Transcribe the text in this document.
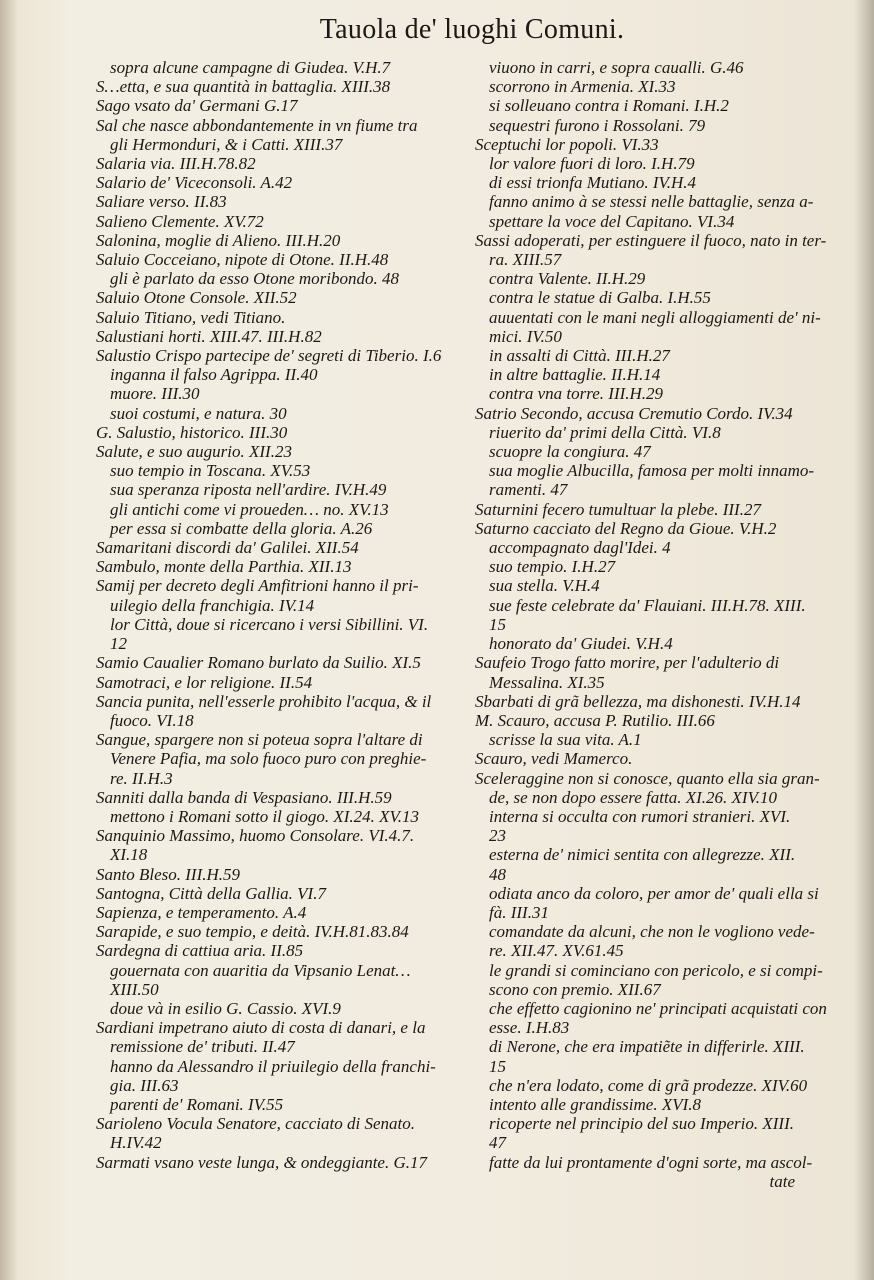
Tauola de' luoghi Comuni.

sopra alcune campagne di Giudea. V.H.7

S…etta, e sua quantità in battaglia. XIII.38

Sago vsato da' Germani G.17

Sal che nasce abbondantemente in vn fiume tra

gli Hermonduri, & i Catti. XIII.37

Salaria via. III.H.78.82

Salario de' Viceconsoli. A.42

Saliare verso. II.83

Salieno Clemente. XV.72

Salonina, moglie di Alieno. III.H.20

Saluio Cocceiano, nipote di Otone. II.H.48

gli è parlato da esso Otone moribondo. 48

Saluio Otone Console. XII.52

Saluio Titiano, vedi Titiano.

Salustiani horti. XIII.47. III.H.82

Salustio Crispo partecipe de' segreti di Tiberio. I.6

inganna il falso Agrippa. II.40

muore. III.30

suoi costumi, e natura. 30

G. Salustio, historico. III.30

Salute, e suo augurio. XII.23

suo tempio in Toscana. XV.53

sua speranza riposta nell'ardire. IV.H.49

gli antichi come vi proueden… no. XV.13

per essa si combatte della gloria. A.26

Samaritani discordi da' Galilei. XII.54

Sambulo, monte della Parthia. XII.13

Samij per decreto degli Amfitrioni hanno il pri-

uilegio della franchigia. IV.14

lor Città, doue si ricercano i versi Sibillini. VI.

12

Samio Caualier Romano burlato da Suilio. XI.5

Samotraci, e lor religione. II.54

Sancia punita, nell'esserle prohibito l'acqua, & il

fuoco. VI.18

Sangue, spargere non si poteua sopra l'altare di

Venere Pafia, ma solo fuoco puro con preghie-

re. II.H.3

Sanniti dalla banda di Vespasiano. III.H.59

mettono i Romani sotto il giogo. XI.24. XV.13

Sanquinio Massimo, huomo Consolare. VI.4.7.

XI.18

Santo Bleso. III.H.59

Santogna, Città della Gallia. VI.7

Sapienza, e temperamento. A.4

Sarapide, e suo tempio, e deità. IV.H.81.83.84

Sardegna di cattiua aria. II.85

gouernata con auaritia da Vipsanio Lenat…

XIII.50

doue và in esilio G. Cassio. XVI.9

Sardiani impetrano aiuto di costa di danari, e la

remissione de' tributi. II.47

hanno da Alessandro il priuilegio della franchi-

gia. III.63

parenti de' Romani. IV.55

Sarioleno Vocula Senatore, cacciato di Senato.

H.IV.42

Sarmati vsano veste lunga, & ondeggiante. G.17

viuono in carri, e sopra caualli. G.46

scorrono in Armenia. XI.33

si solleuano contra i Romani. I.H.2

sequestri furono i Rossolani. 79

Sceptuchi lor popoli. VI.33

lor valore fuori di loro. I.H.79

di essi trionfa Mutiano. IV.H.4

fanno animo à se stessi nelle battaglie, senza a-

spettare la voce del Capitano. VI.34

Sassi adoperati, per estinguere il fuoco, nato in ter-

ra. XIII.57

contra Valente. II.H.29

contra le statue di Galba. I.H.55

auuentati con le mani negli alloggiamenti de' ni-

mici. IV.50

in assalti di Città. III.H.27

in altre battaglie. II.H.14

contra vna torre. III.H.29

Satrio Secondo, accusa Cremutio Cordo. IV.34

riuerito da' primi della Città. VI.8

scuopre la congiura. 47

sua moglie Albucilla, famosa per molti innamo-

ramenti. 47

Saturnini fecero tumultuar la plebe. III.27

Saturno cacciato del Regno da Gioue. V.H.2

accompagnato dagl'Idei. 4

suo tempio. I.H.27

sua stella. V.H.4

sue feste celebrate da' Flauiani. III.H.78. XIII.

15

honorato da' Giudei. V.H.4

Saufeio Trogo fatto morire, per l'adulterio di

Messalina. XI.35

Sbarbati di grã bellezza, ma dishonesti. IV.H.14

M. Scauro, accusa P. Rutilio. III.66

scrisse la sua vita. A.1

Scauro, vedi Mamerco.

Sceleraggine non si conosce, quanto ella sia gran-

de, se non dopo essere fatta. XI.26. XIV.10

interna si occulta con rumori stranieri. XVI.

23

esterna de' nimici sentita con allegrezze. XII.

48

odiata anco da coloro, per amor de' quali ella si

fà. III.31

comandate da alcuni, che non le vogliono vede-

re. XII.47. XV.61.45

le grandi si cominciano con pericolo, e si compi-

scono con premio. XII.67

che effetto cagionino ne' principati acquistati con

esse. I.H.83

di Nerone, che era impatiẽte in differirle. XIII.

15

che n'era lodato, come di grã prodezze. XIV.60

intento alle grandissime. XVI.8

ricoperte nel principio del suo Imperio. XIII.

47

fatte da lui prontamente d'ogni sorte, ma ascol-

tate
